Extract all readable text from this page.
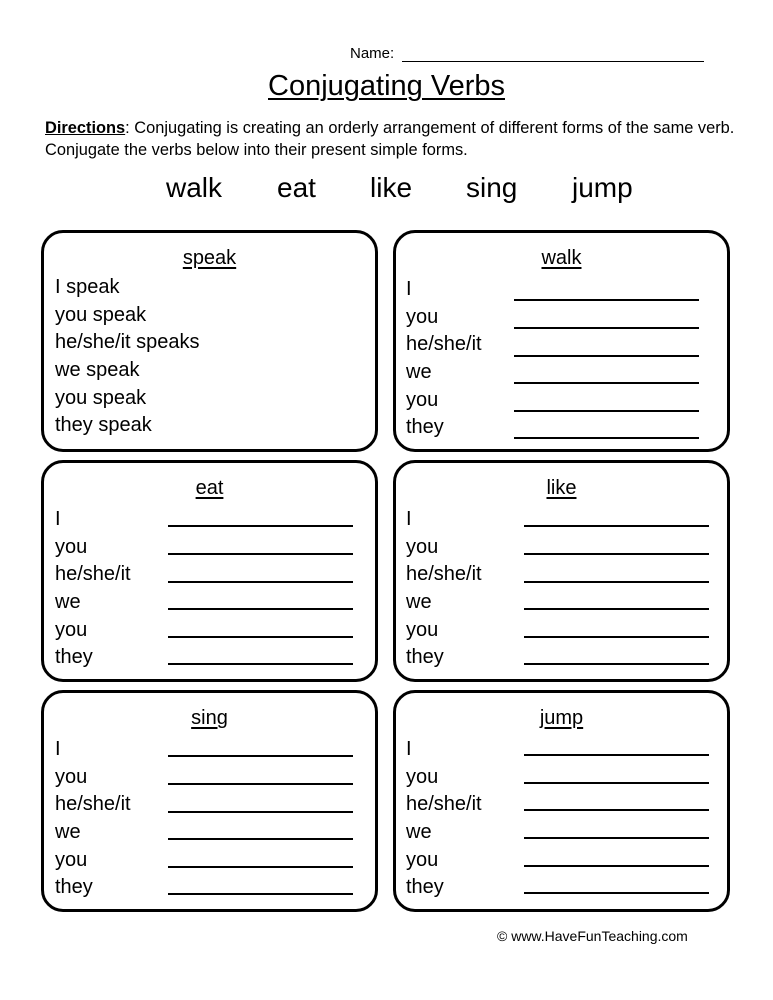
Name:
Conjugating Verbs
Directions: Conjugating is creating an orderly arrangement of different forms of the same verb. Conjugate the verbs below into their present simple forms.
walk eat like sing jump
speak
I speak
you speak
he/she/it speaks
we speak
you speak
they speak
walk
I
you
he/she/it
we
you
they
eat
I
you
he/she/it
we
you
they
like
I
you
he/she/it
we
you
they
sing
I
you
he/she/it
we
you
they
jump
I
you
he/she/it
we
you
they
© www.HaveFunTeaching.com
